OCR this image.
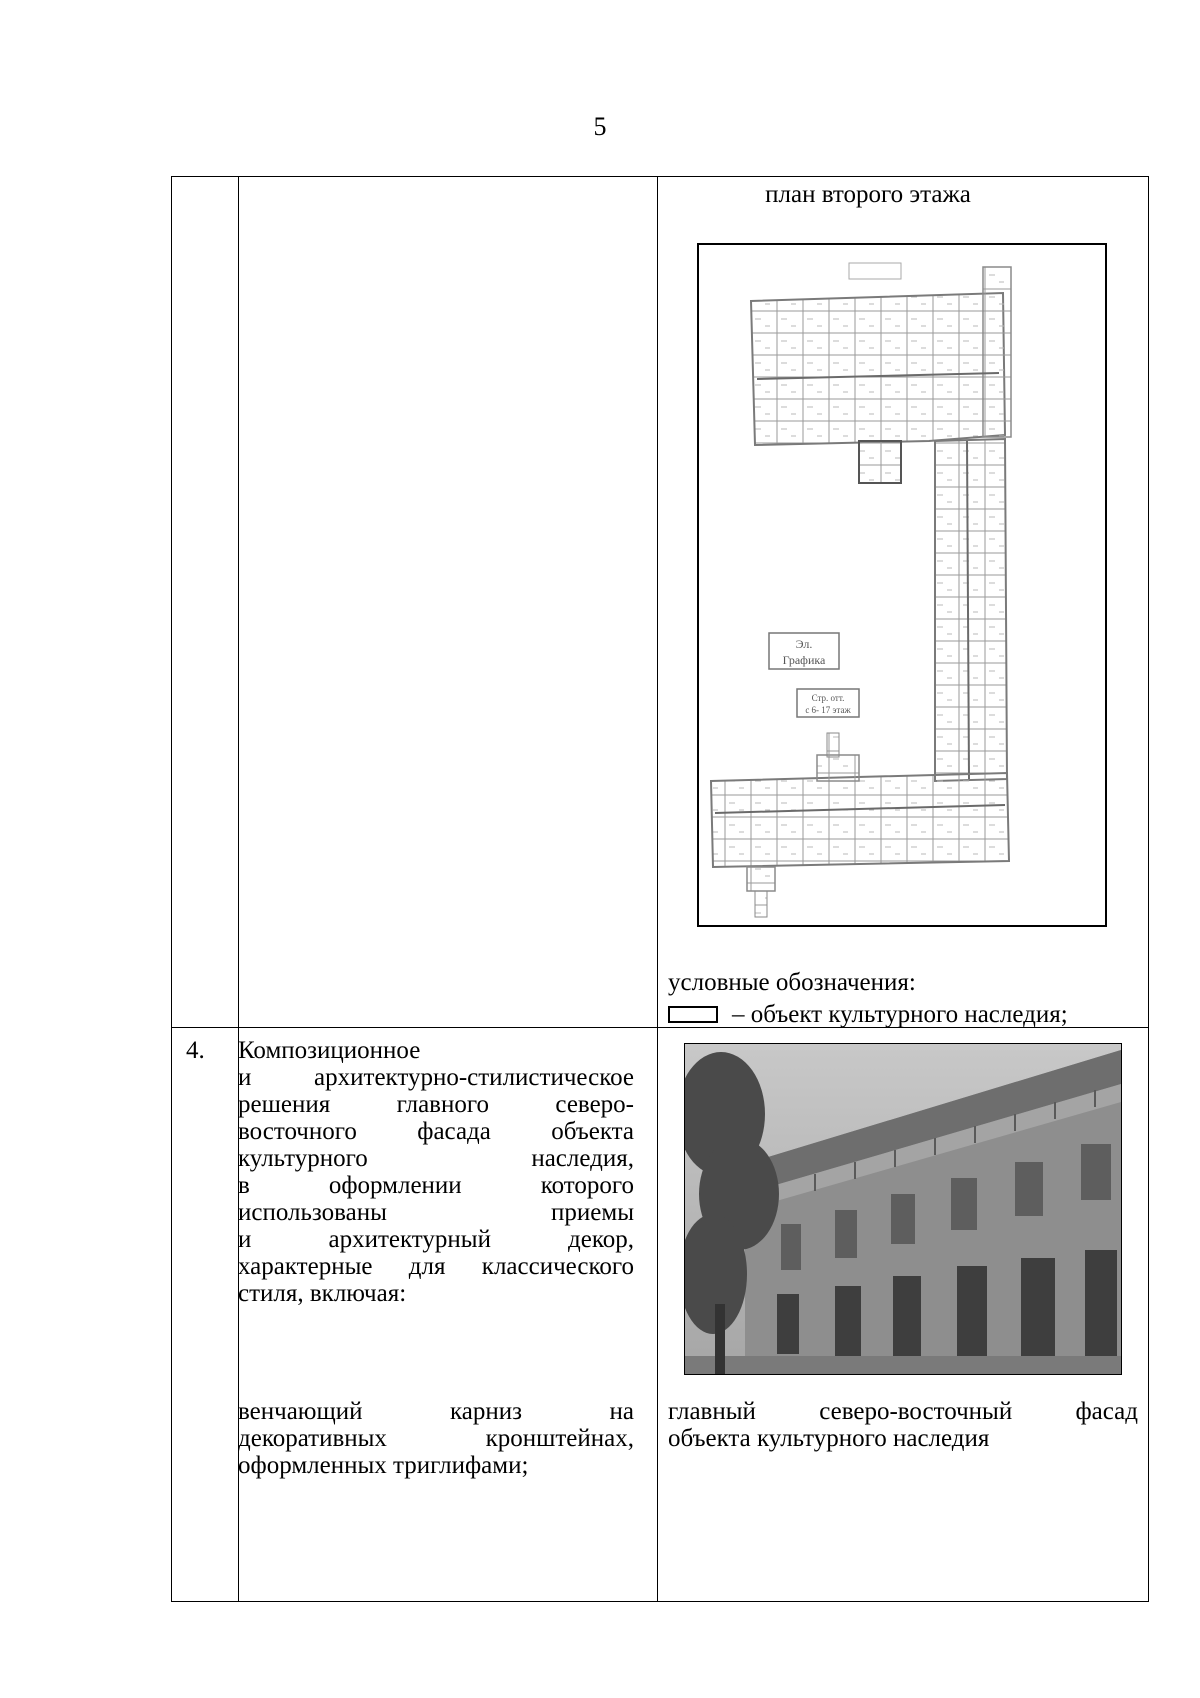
5
план второго этажа
Эл.
Графика
Стр. отт.
с 6- 17 этаж
условные обозначения:
– объект культурного наследия;
4. Композиционное
и архитектурно-стилистическое
решения главного северо-
восточного фасада объекта
культурного наследия,
в оформлении которого
использованы приемы
и архитектурный декор,
характерные для классического
стиля, включая:
венчающий карниз на
декоративных кронштейнах,
оформленных триглифами;
главный северо-восточный фасад
объекта культурного наследия
